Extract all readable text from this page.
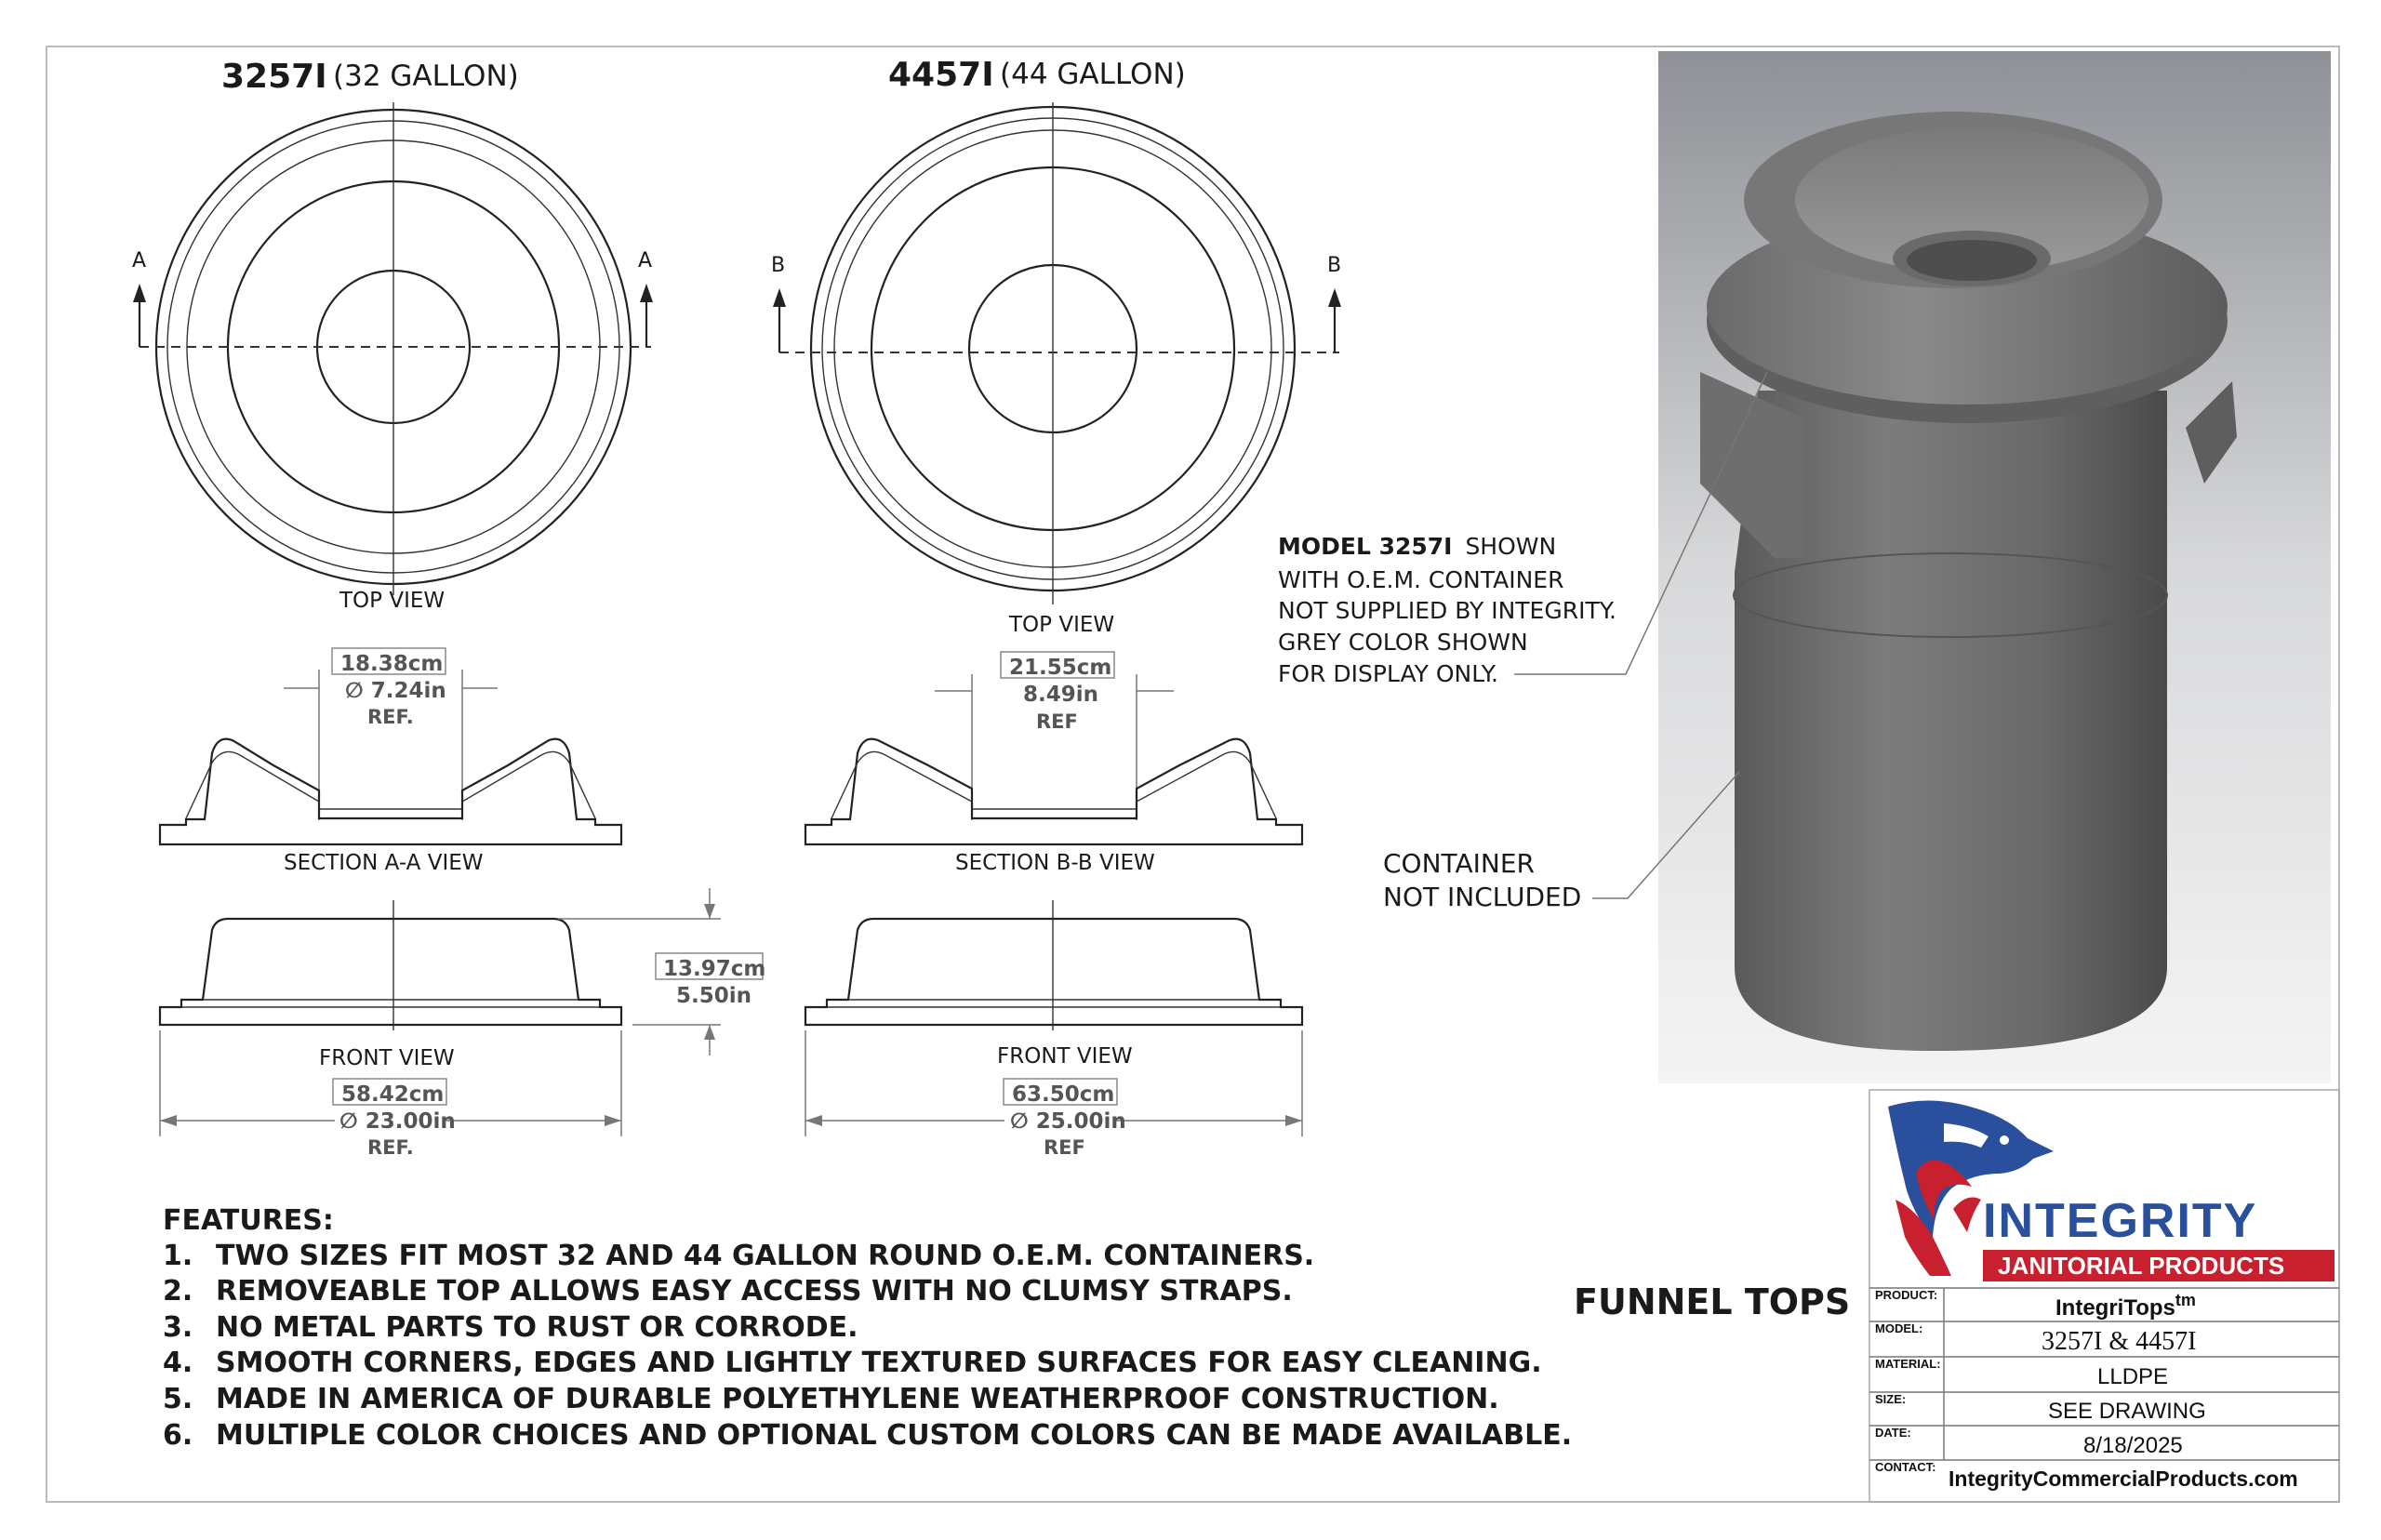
3257I (32 GALLON)	4457I (44 GALLON)
A	A
TOP VIEW
B	B
TOP VIEW
18.38cm
∅ 7.24in
REF.
21.55cm
8.49in
REF
SECTION A-A VIEW	SECTION B-B VIEW
FRONT VIEW	FRONT VIEW
13.97cm
5.50in
58.42cm
∅ 23.00in
REF.
63.50cm
∅ 25.00in
REF
MODEL 3257I SHOWN
WITH O.E.M. CONTAINER
NOT SUPPLIED BY INTEGRITY.
GREY COLOR SHOWN
FOR DISPLAY ONLY.
CONTAINER
NOT INCLUDED
FEATURES:
1. TWO SIZES FIT MOST 32 AND 44 GALLON ROUND O.E.M. CONTAINERS.
2. REMOVEABLE TOP ALLOWS EASY ACCESS WITH NO CLUMSY STRAPS.
3. NO METAL PARTS TO RUST OR CORRODE.
4. SMOOTH CORNERS, EDGES AND LIGHTLY TEXTURED SURFACES FOR EASY CLEANING.
5. MADE IN AMERICA OF DURABLE POLYETHYLENE WEATHERPROOF CONSTRUCTION.
6. MULTIPLE COLOR CHOICES AND OPTIONAL CUSTOM COLORS CAN BE MADE AVAILABLE.
FUNNEL TOPS
INTEGRITY
JANITORIAL PRODUCTS
PRODUCT:
IntegriTops$^{tm}$
MODEL:	3257I & 4457I
MATERIAL:
LLDPE
SIZE:	SEE DRAWING
DATE:
8/18/2025
CONTACT: IntegrityCommercialProducts.com
